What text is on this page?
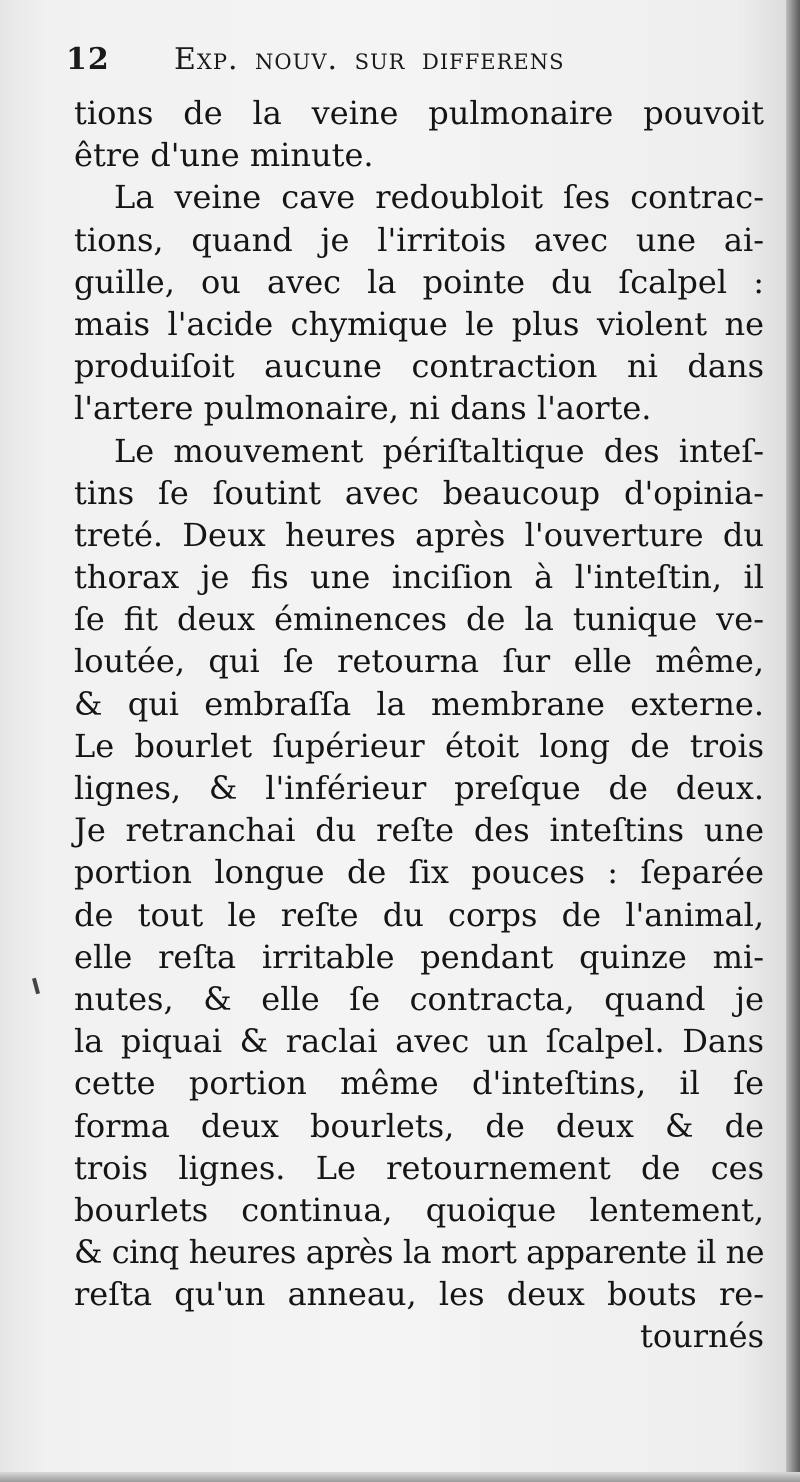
12 Exp. nouv. sur differens
tions de la veine pulmonaire pouvoit
être d'une minute.
La veine cave redoubloit ſes contrac-
tions, quand je l'irritois avec une ai-
guille, ou avec la pointe du ſcalpel :
mais l'acide chymique le plus violent ne
produiſoit aucune contraction ni dans
l'artere pulmonaire, ni dans l'aorte.
Le mouvement périſtaltique des inteſ-
tins ſe ſoutint avec beaucoup d'opinia-
treté. Deux heures après l'ouverture du
thorax je fis une inciſion à l'inteſtin, il
ſe fit deux éminences de la tunique ve-
loutée, qui ſe retourna ſur elle même,
& qui embraſſa la membrane externe.
Le bourlet ſupérieur étoit long de trois
lignes, & l'inférieur preſque de deux.
Je retranchai du reſte des inteſtins une
portion longue de ſix pouces : ſeparée
de tout le reſte du corps de l'animal,
elle reſta irritable pendant quinze mi-
nutes, & elle ſe contracta, quand je
la piquai & raclai avec un ſcalpel. Dans
cette portion même d'inteſtins, il ſe
forma deux bourlets, de deux & de
trois lignes. Le retournement de ces
bourlets continua, quoique lentement,
& cinq heures après la mort apparente il ne
reſta qu'un anneau, les deux bouts re-
tournés
